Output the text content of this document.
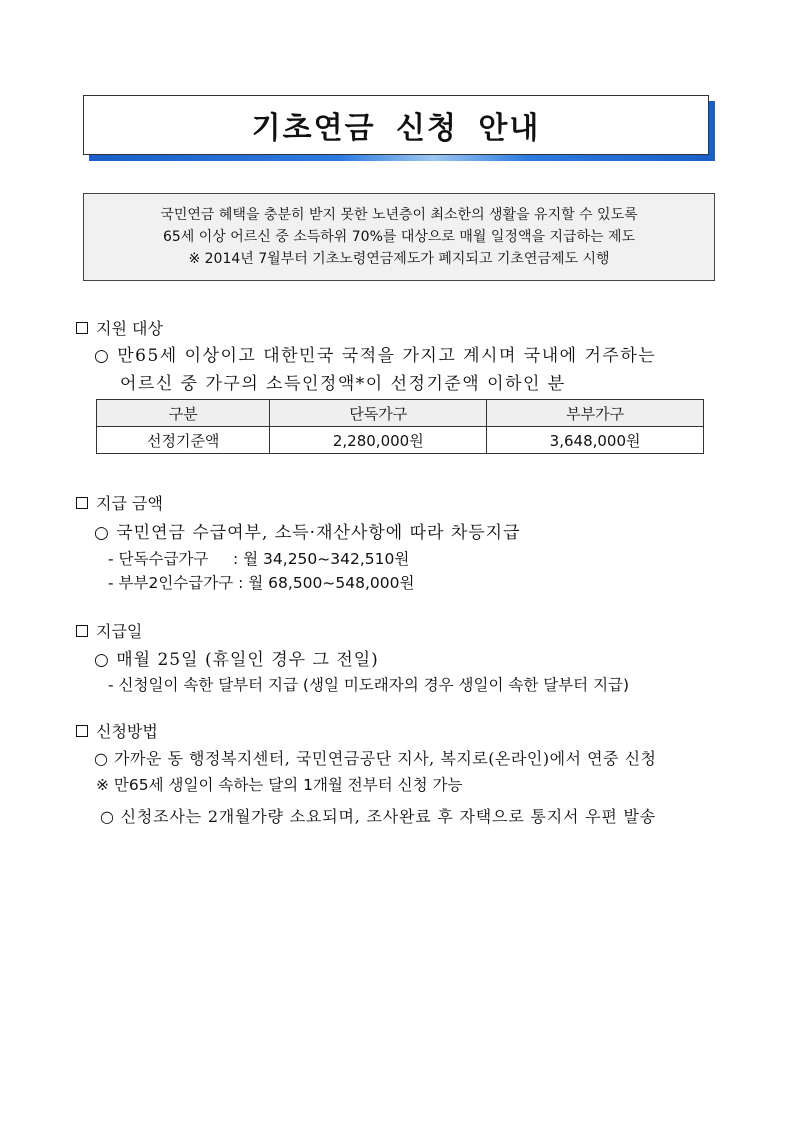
기초연금 신청 안내
국민연금 혜택을 충분히 받지 못한 노년층이 최소한의 생활을 유지할 수 있도록
65세 이상 어르신 중 소득하위 70%를 대상으로 매월 일정액을 지급하는 제도
※ 2014년 7월부터 기초노령연금제도가 폐지되고 기초연금제도 시행
지원 대상
○ 만65세 이상이고 대한민국 국적을 가지고 계시며 국내에 거주하는
어르신 중 가구의 소득인정액*이 선정기준액 이하인 분
구분	단독가구	부부가구
선정기준액	2,280,000원	3,648,000원
지급 금액
○ 국민연금 수급여부, 소득·재산사항에 따라 차등지급
- 단독수급가구     : 월 34,250~342,510원
- 부부2인수급가구 : 월 68,500~548,000원
지급일
○ 매월 25일 (휴일인 경우 그 전일)
- 신청일이 속한 달부터 지급 (생일 미도래자의 경우 생일이 속한 달부터 지급)
신청방법
○ 가까운 동 행정복지센터, 국민연금공단 지사, 복지로(온라인)에서 연중 신청
※ 만65세 생일이 속하는 달의 1개월 전부터 신청 가능
○ 신청조사는 2개월가량 소요되며, 조사완료 후 자택으로 통지서 우편 발송
